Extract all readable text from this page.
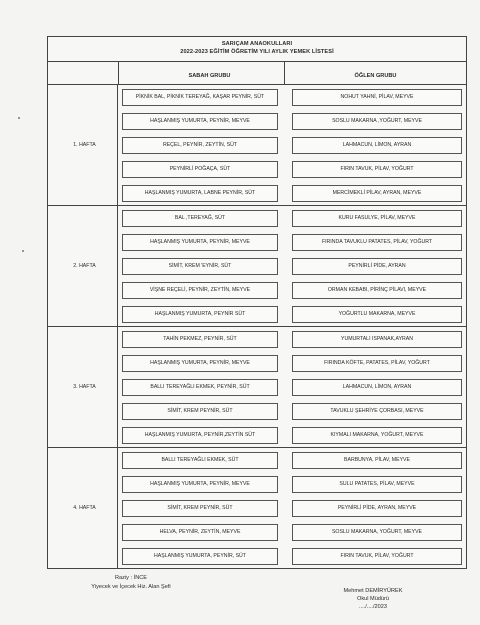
SARIÇAM ANAOKULLARI
2022-2023 EĞİTİM ÖĞRETİM YILI AYLIK YEMEK LİSTESİ
SABAH GRUBU	ÖĞLEN GRUBU
1. HAFTA
PİKNİK BAL, PİKNİK TEREYAĞ, KAŞAR PEYNİR, SÜT	NOHUT YAHNİ, PİLAV, MEYVE
HAŞLANMIŞ YUMURTA, PEYNİR, MEYVE	SOSLU MAKARNA ,YOĞURT, MEYVE
REÇEL, PEYNİR, ZEYTİN, SÜT	LAHMACUN, LİMON, AYRAN
PEYNİRLİ POĞAÇA, SÜT	FIRIN TAVUK, PİLAV, YOĞURT
HAŞLANMIŞ YUMURTA, LABNE PEYNİR, SÜT	MERCİMEKLİ PİLAV, AYRAN, MEYVE
2. HAFTA
BAL ,TEREYAĞ, SÜT	KURU FASULYE, PİLAV, MEYVE
HAŞLANMIŞ YUMURTA, PEYNİR, MEYVE	FIRINDA TAVUKLU PATATES, PİLAV, YOĞURT
SİMİT, KREM 'EYNİR, SÜT	PEYNİRLİ PİDE, AYRAN
VİŞNE REÇELİ, PEYNİR, ZEYTİN, MEYVE	ORMAN KEBABI, PİRİNÇ PİLAVI, MEYVE
HAŞLANMIŞ YUMURTA, PEYNİR SÜT	YOĞURTLU MAKARNA, MEYVE
3. HAFTA
TAHİN PEKMEZ, PEYNİR, SÜT	YUMURTALI ISPANAK,AYRAN
HAŞLANMIŞ YUMURTA, PEYNİR, MEYVE	FIRINDA KÖFTE, PATATES, PİLAV, YOĞURT
BALLI TEREYAĞLI EKMEK, PEYNİR, SÜT	LAHMACUN, LİMON, AYRAN
SİMİT, KREM PEYNİR, SÜT	TAVUKLU ŞEHRİYE ÇORBASI, MEYVE
HAŞLANMIŞ YUMURTA, PEYNİR,ZEYTİN SÜT	KIYMALI MAKARNA, YOĞURT, MEYVE
4. HAFTA
BALLI TEREYAĞLI EKMEK, SÜT	BARBUNYA, PİLAV, MEYVE
HAŞLANMIŞ YUMURTA, PEYNİR, MEYVE	SULU PATATES, PİLAV, MEYVE
SİMİT, KREM PEYNİR, SÜT	PEYNİRLİ PİDE, AYRAN, MEYVE
HELVA, PEYNİR, ZEYTİN, MEYVE	SOSLU MAKARNA, YOĞURT, MEYVE
HAŞLANMIŞ YUMURTA, PEYNİR, SÜT	FIRIN TAVUK, PİLAV, YOĞURT
Raziy : İNCE
Yiyecek ve İçecek Hiz. Alan Şefi
Mehmet DEMİRYÜREK
Okul Müdürü
..../..../2023
